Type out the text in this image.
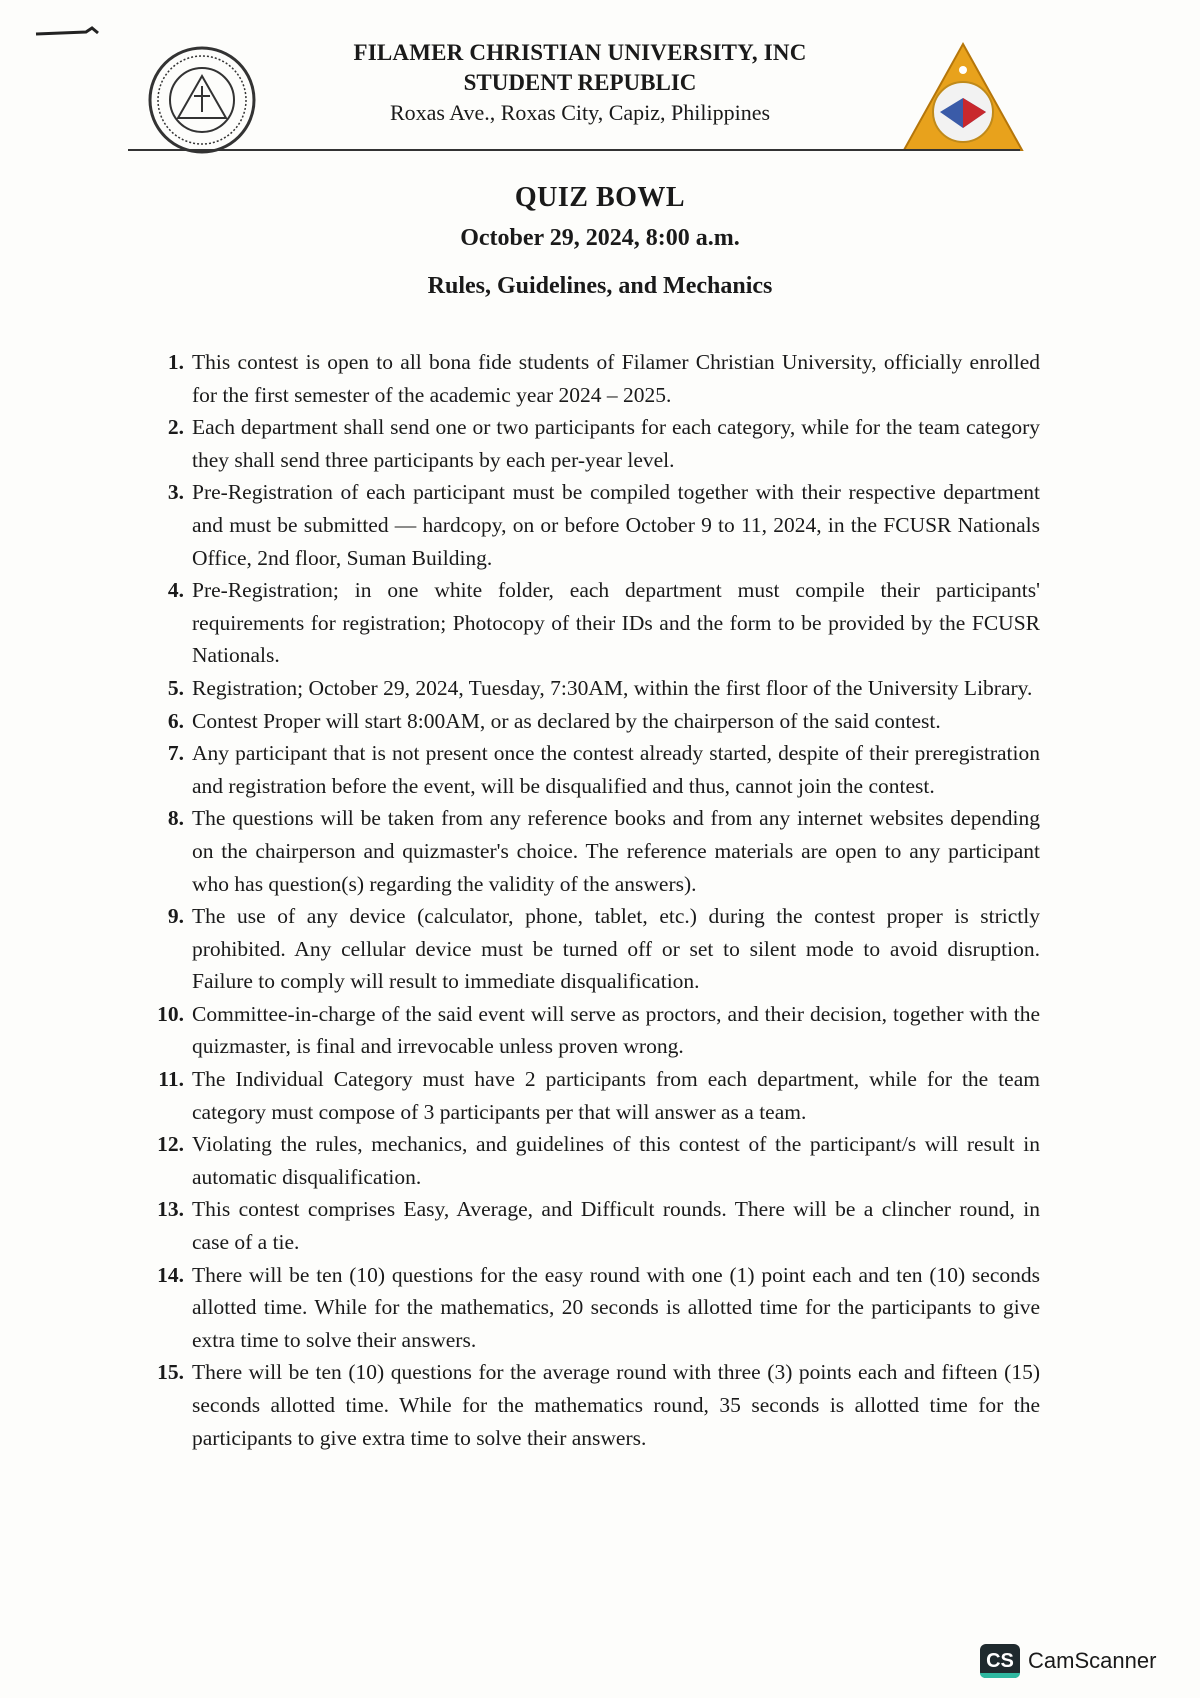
FILAMER CHRISTIAN UNIVERSITY, INC
STUDENT REPUBLIC
Roxas Ave., Roxas City, Capiz, Philippines
QUIZ BOWL
October 29, 2024, 8:00 a.m.
Rules, Guidelines, and Mechanics
1. This contest is open to all bona fide students of Filamer Christian University, officially enrolled for the first semester of the academic year 2024 – 2025.
2. Each department shall send one or two participants for each category, while for the team category they shall send three participants by each per-year level.
3. Pre-Registration of each participant must be compiled together with their respective department and must be submitted — hardcopy, on or before October 9 to 11, 2024, in the FCUSR Nationals Office, 2nd floor, Suman Building.
4. Pre-Registration; in one white folder, each department must compile their participants' requirements for registration; Photocopy of their IDs and the form to be provided by the FCUSR Nationals.
5. Registration; October 29, 2024, Tuesday, 7:30AM, within the first floor of the University Library.
6. Contest Proper will start 8:00AM, or as declared by the chairperson of the said contest.
7. Any participant that is not present once the contest already started, despite of their preregistration and registration before the event, will be disqualified and thus, cannot join the contest.
8. The questions will be taken from any reference books and from any internet websites depending on the chairperson and quizmaster's choice. The reference materials are open to any participant who has question(s) regarding the validity of the answers).
9. The use of any device (calculator, phone, tablet, etc.) during the contest proper is strictly prohibited. Any cellular device must be turned off or set to silent mode to avoid disruption. Failure to comply will result to immediate disqualification.
10. Committee-in-charge of the said event will serve as proctors, and their decision, together with the quizmaster, is final and irrevocable unless proven wrong.
11. The Individual Category must have 2 participants from each department, while for the team category must compose of 3 participants per that will answer as a team.
12. Violating the rules, mechanics, and guidelines of this contest of the participant/s will result in automatic disqualification.
13. This contest comprises Easy, Average, and Difficult rounds. There will be a clincher round, in case of a tie.
14. There will be ten (10) questions for the easy round with one (1) point each and ten (10) seconds allotted time. While for the mathematics, 20 seconds is allotted time for the participants to give extra time to solve their answers.
15. There will be ten (10) questions for the average round with three (3) points each and fifteen (15) seconds allotted time. While for the mathematics round, 35 seconds is allotted time for the participants to give extra time to solve their answers.
CS CamScanner
